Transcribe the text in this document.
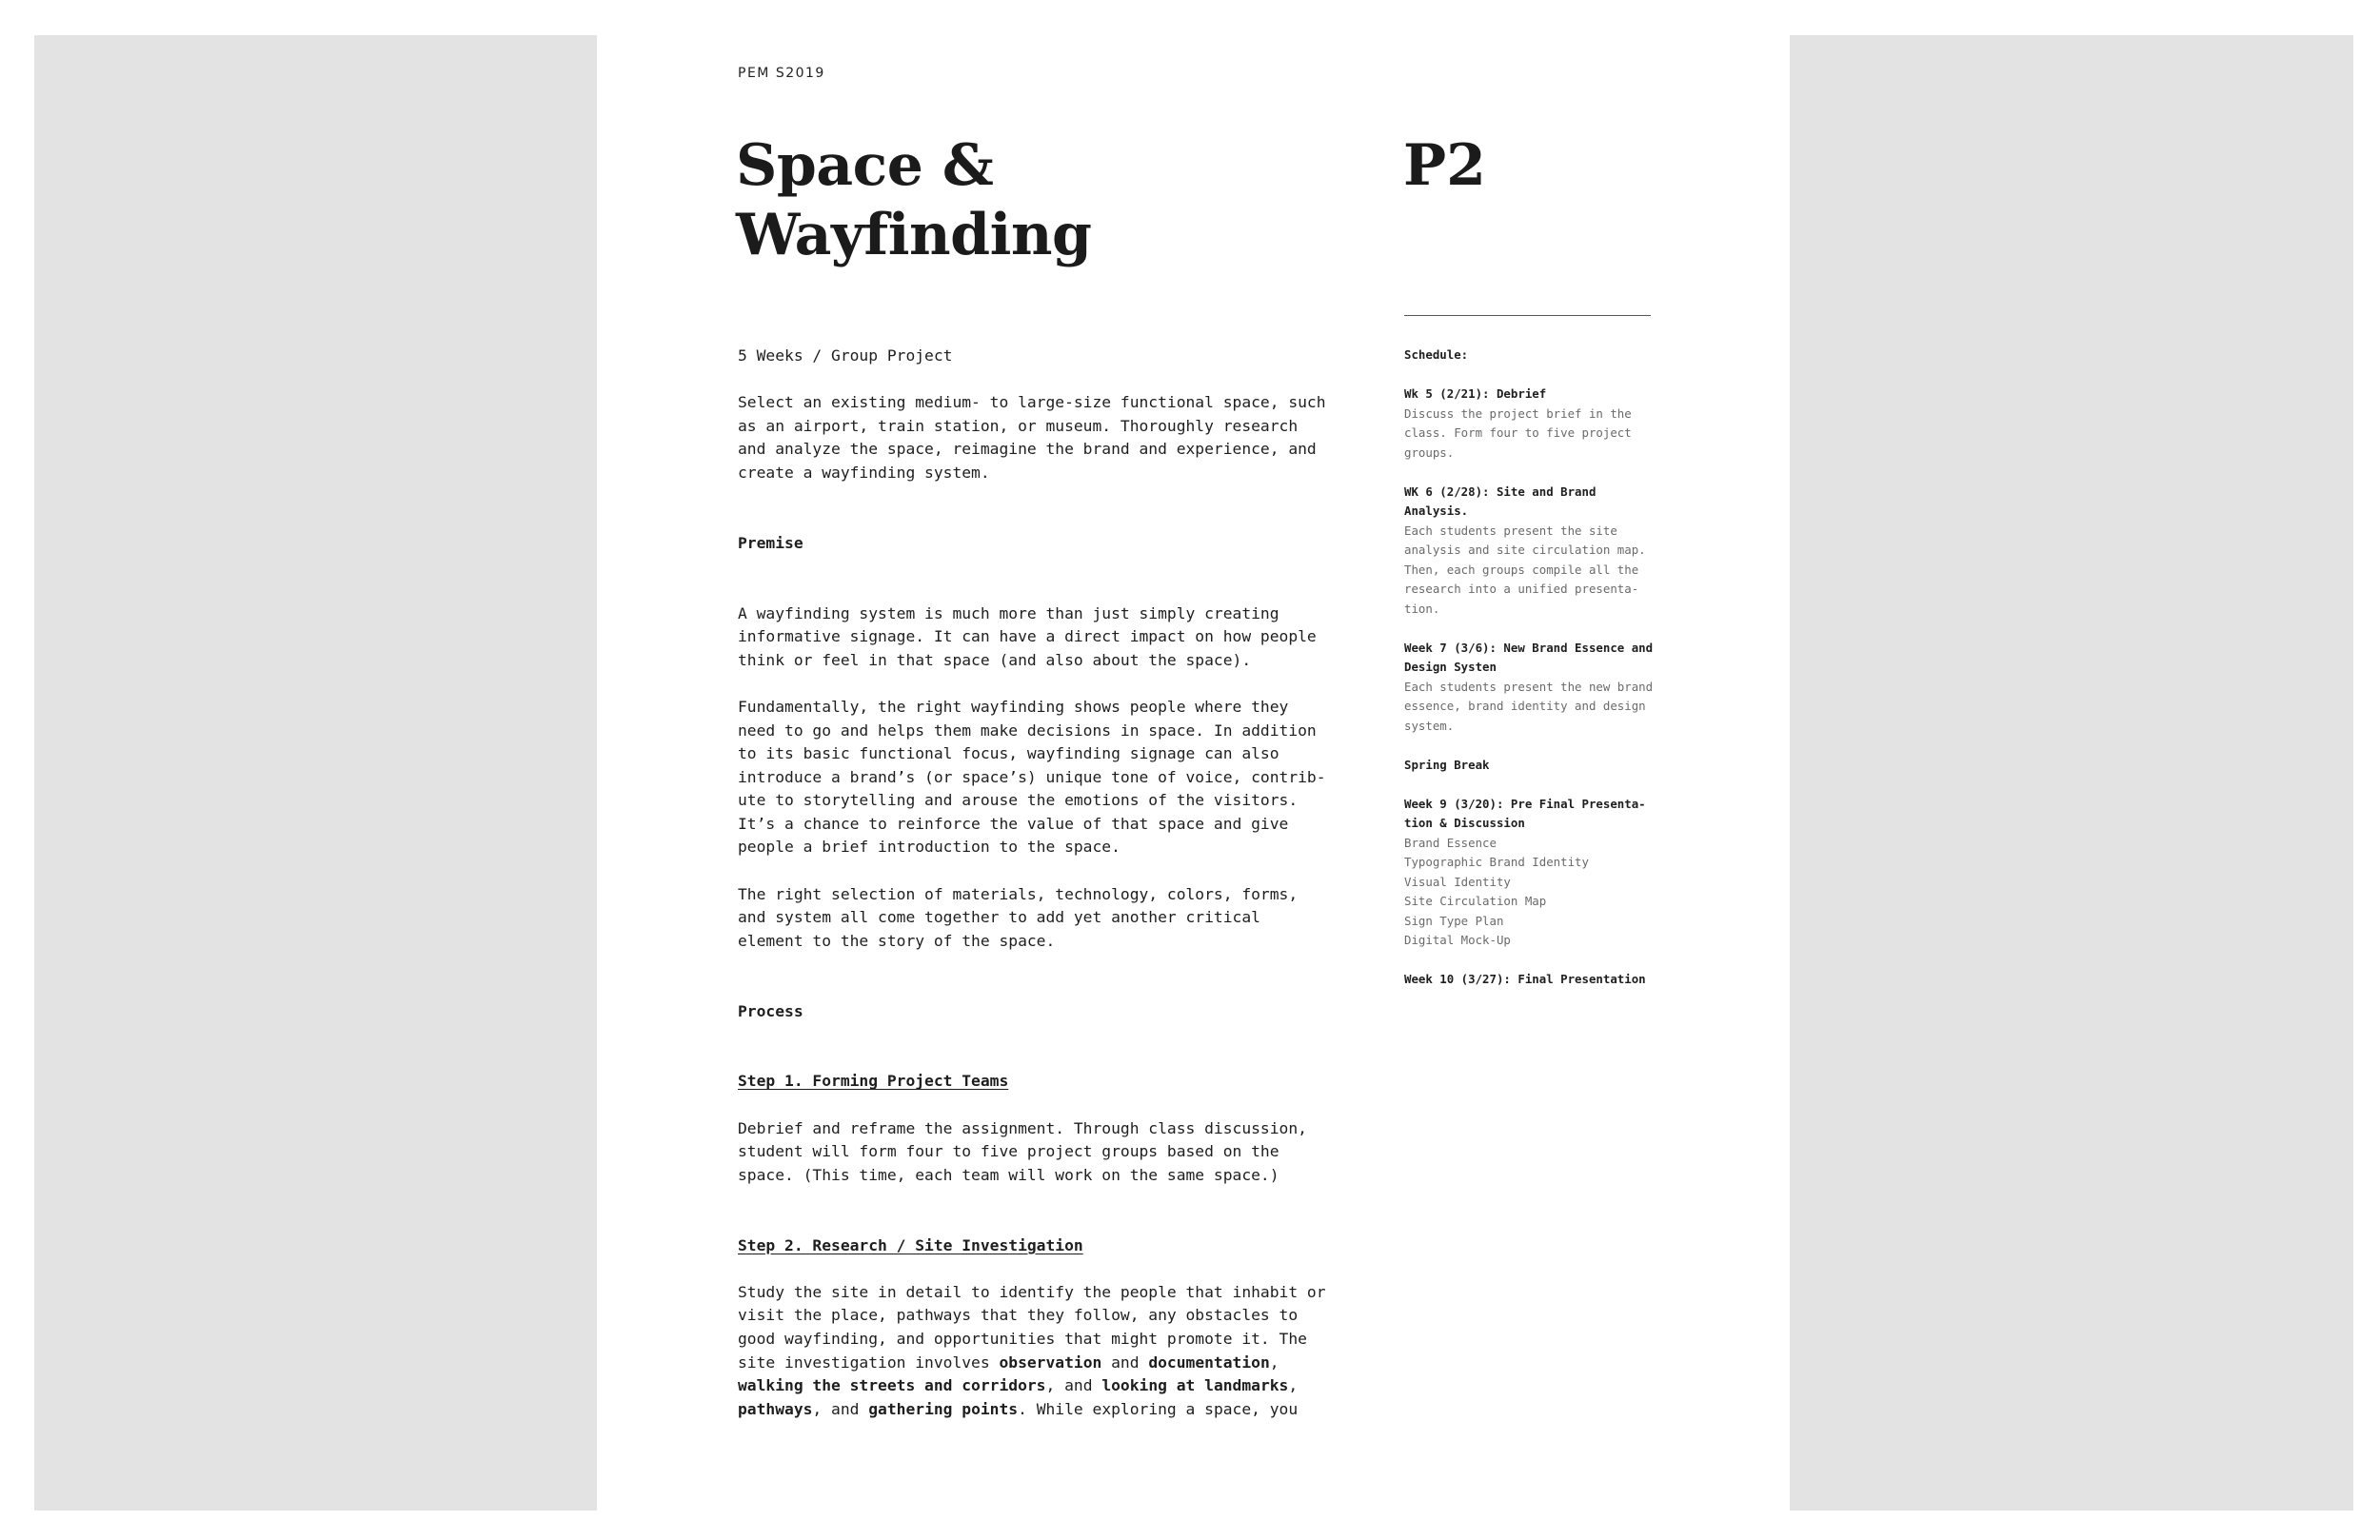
PEM S2019
Space &
Wayfinding
P2

5 Weeks / Group Project

Select an existing medium- to large-size functional space, such
as an airport, train station, or museum. Thoroughly research
and analyze the space, reimagine the brand and experience, and
create a wayfinding system.

Premise

A wayfinding system is much more than just simply creating
informative signage. It can have a direct impact on how people
think or feel in that space (and also about the space).

Fundamentally, the right wayfinding shows people where they
need to go and helps them make decisions in space. In addition
to its basic functional focus, wayfinding signage can also
introduce a brand’s (or space’s) unique tone of voice, contrib-
ute to storytelling and arouse the emotions of the visitors.
It’s a chance to reinforce the value of that space and give
people a brief introduction to the space.

The right selection of materials, technology, colors, forms,
and system all come together to add yet another critical
element to the story of the space.

Process

Step 1. Forming Project Teams

Debrief and reframe the assignment. Through class discussion,
student will form four to five project groups based on the
space. (This time, each team will work on the same space.)

Step 2. Research / Site Investigation

Study the site in detail to identify the people that inhabit or
visit the place, pathways that they follow, any obstacles to
good wayfinding, and opportunities that might promote it. The
site investigation involves observation and documentation,
walking the streets and corridors, and looking at landmarks,
pathways, and gathering points. While exploring a space, you

Schedule:

Wk 5 (2/21): Debrief

Discuss the project brief in the
class. Form four to five project
groups.

WK 6 (2/28): Site and Brand
Analysis.

Each students present the site
analysis and site circulation map.
Then, each groups compile all the
research into a unified presenta-
tion.

Week 7 (3/6): New Brand Essence and
Design Systen

Each students present the new brand
essence, brand identity and design
system.

Spring Break

Week 9 (3/20): Pre Final Presenta-
tion & Discussion

Brand Essence
Typographic Brand Identity
Visual Identity
Site Circulation Map
Sign Type Plan
Digital Mock-Up

Week 10 (3/27): Final Presentation
